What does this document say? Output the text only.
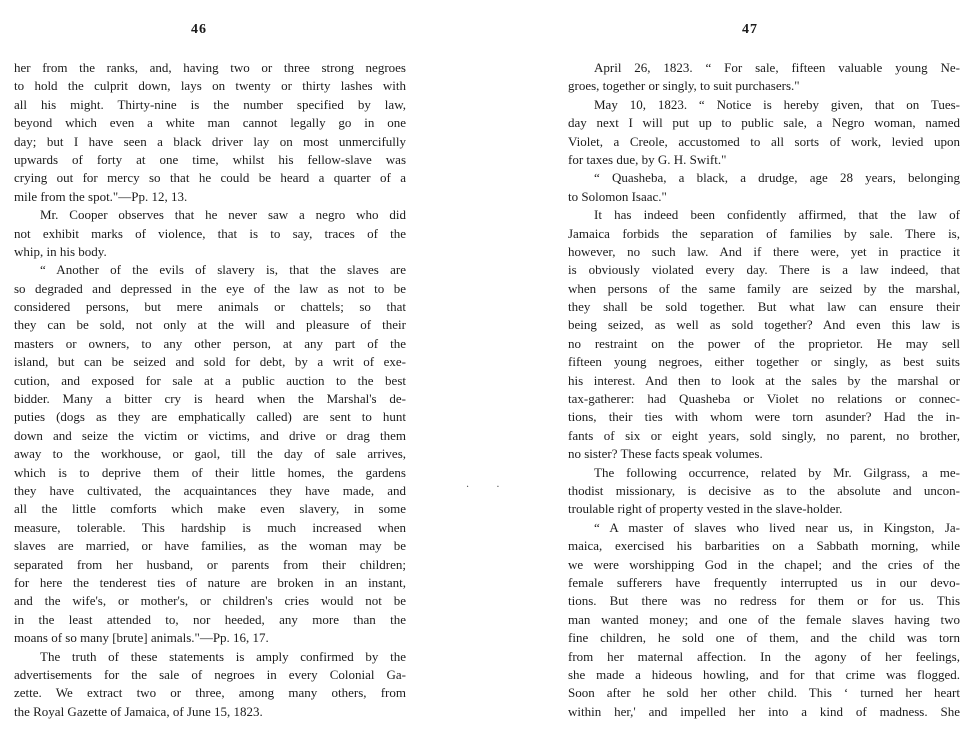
46
her from the ranks, and, having two or three strong negroes
to hold the culprit down, lays on twenty or thirty lashes with
all his might. Thirty-nine is the number specified by law,
beyond which even a white man cannot legally go in one
day; but I have seen a black driver lay on most unmercifully
upwards of forty at one time, whilst his fellow-slave was
crying out for mercy so that he could be heard a quarter of a
mile from the spot."—Pp. 12, 13.
Mr. Cooper observes that he never saw a negro who did
not exhibit marks of violence, that is to say, traces of the
whip, in his body.
“ Another of the evils of slavery is, that the slaves are
so degraded and depressed in the eye of the law as not to be
considered persons, but mere animals or chattels; so that
they can be sold, not only at the will and pleasure of their
masters or owners, to any other person, at any part of the
island, but can be seized and sold for debt, by a writ of exe-
cution, and exposed for sale at a public auction to the best
bidder. Many a bitter cry is heard when the Marshal's de-
puties (dogs as they are emphatically called) are sent to hunt
down and seize the victim or victims, and drive or drag them
away to the workhouse, or gaol, till the day of sale arrives,
which is to deprive them of their little homes, the gardens
they have cultivated, the acquaintances they have made, and
all the little comforts which make even slavery, in some
measure, tolerable. This hardship is much increased when
slaves are married, or have families, as the woman may be
separated from her husband, or parents from their children;
for here the tenderest ties of nature are broken in an instant,
and the wife's, or mother's, or children's cries would not be
in the least attended to, nor heeded, any more than the
moans of so many [brute] animals."—Pp. 16, 17.
The truth of these statements is amply confirmed by the
advertisements for the sale of negroes in every Colonial Ga-
zette. We extract two or three, among many others, from
the Royal Gazette of Jamaica, of June 15, 1823.
· ·
47
April 26, 1823. “ For sale, fifteen valuable young Ne-
groes, together or singly, to suit purchasers."
May 10, 1823. “ Notice is hereby given, that on Tues-
day next I will put up to public sale, a Negro woman, named
Violet, a Creole, accustomed to all sorts of work, levied upon
for taxes due, by G. H. Swift."
“ Quasheba, a black, a drudge, age 28 years, belonging
to Solomon Isaac."
It has indeed been confidently affirmed, that the law of
Jamaica forbids the separation of families by sale. There is,
however, no such law. And if there were, yet in practice it
is obviously violated every day. There is a law indeed, that
when persons of the same family are seized by the marshal,
they shall be sold together. But what law can ensure their
being seized, as well as sold together? And even this law is
no restraint on the power of the proprietor. He may sell
fifteen young negroes, either together or singly, as best suits
his interest. And then to look at the sales by the marshal or
tax-gatherer: had Quasheba or Violet no relations or connec-
tions, their ties with whom were torn asunder? Had the in-
fants of six or eight years, sold singly, no parent, no brother,
no sister? These facts speak volumes.
The following occurrence, related by Mr. Gilgrass, a me-
thodist missionary, is decisive as to the absolute and uncon-
troulable right of property vested in the slave-holder.
“ A master of slaves who lived near us, in Kingston, Ja-
maica, exercised his barbarities on a Sabbath morning, while
we were worshipping God in the chapel; and the cries of the
female sufferers have frequently interrupted us in our devo-
tions. But there was no redress for them or for us. This
man wanted money; and one of the female slaves having two
fine children, he sold one of them, and the child was torn
from her maternal affection. In the agony of her feelings,
she made a hideous howling, and for that crime was flogged.
Soon after he sold her other child. This ‘ turned her heart
within her,' and impelled her into a kind of madness. She
